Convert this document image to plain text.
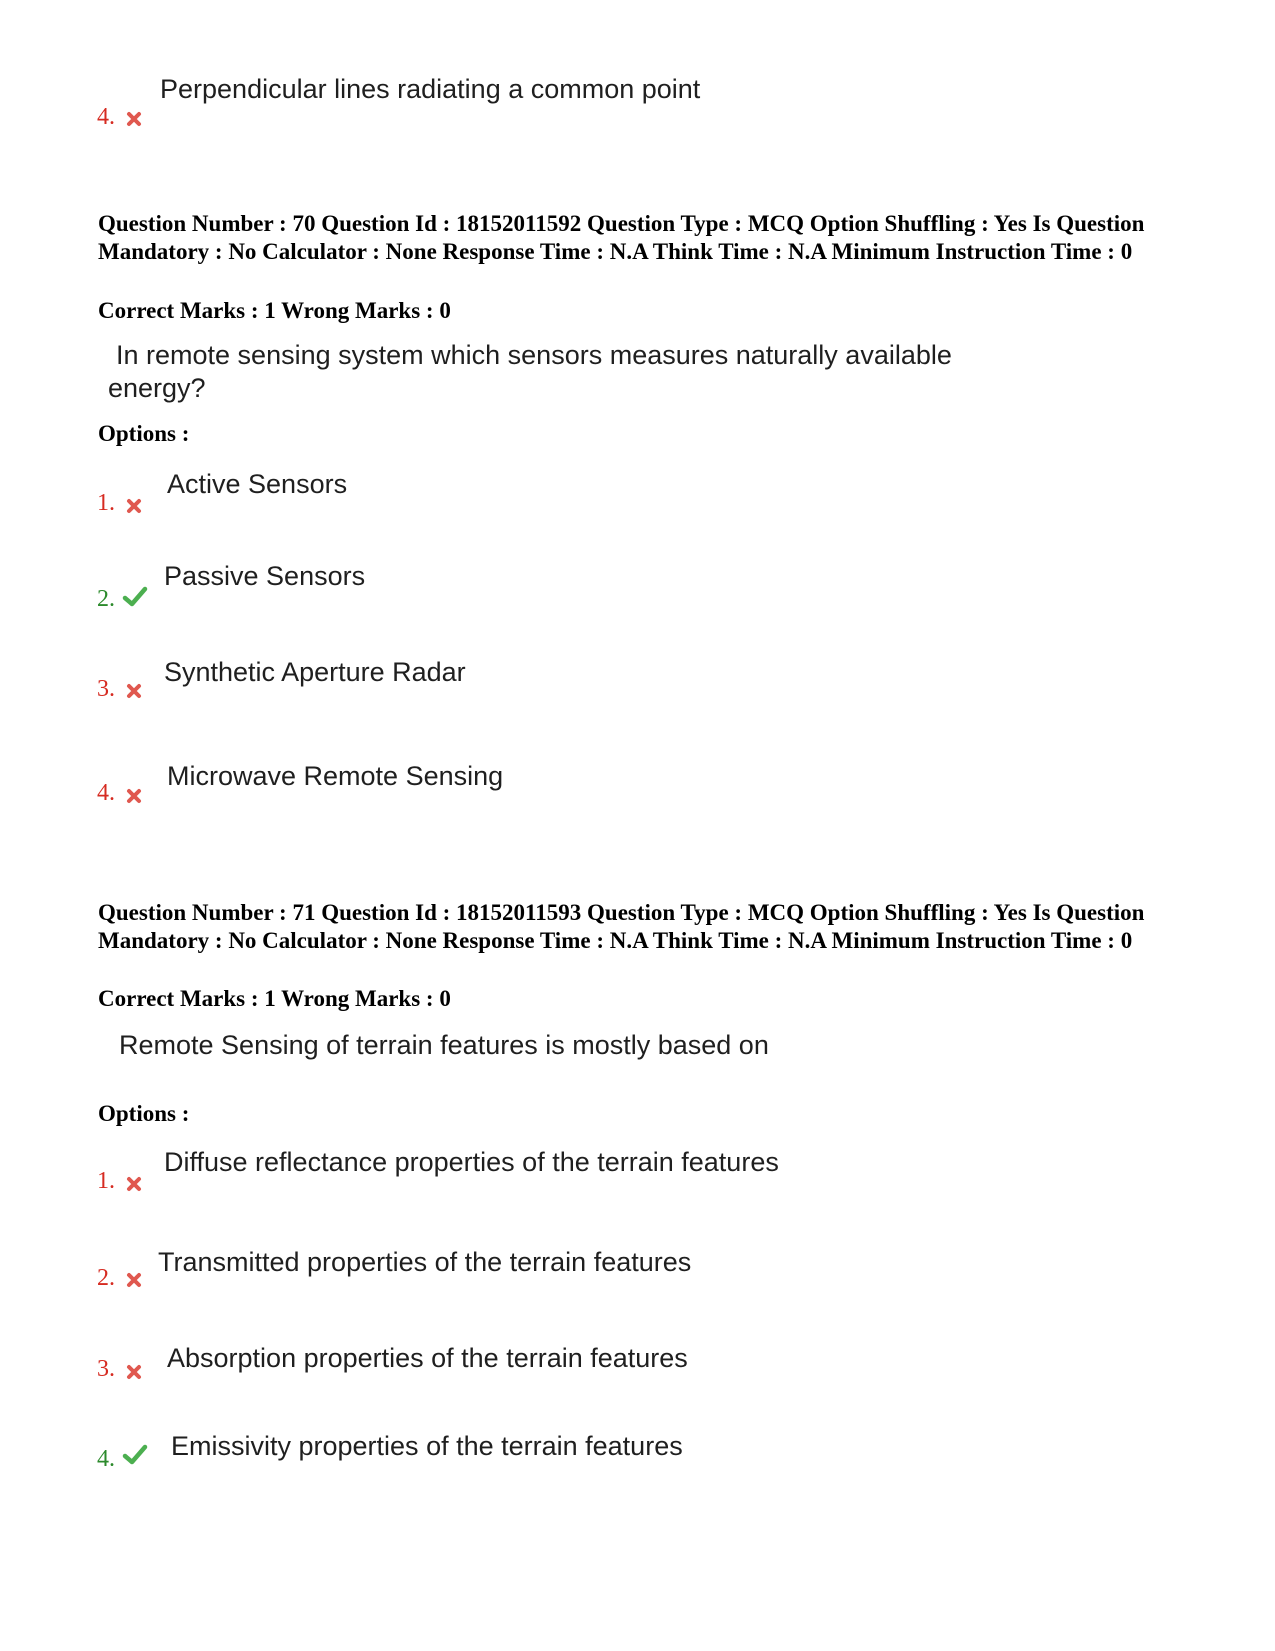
Perpendicular lines radiating a common point
4.
Question Number : 70 Question Id : 18152011592 Question Type : MCQ Option Shuffling : Yes Is Question Mandatory : No Calculator : None Response Time : N.A Think Time : N.A Minimum Instruction Time : 0
Correct Marks : 1 Wrong Marks : 0
In remote sensing system which sensors measures naturally available
energy?
Options :
Active Sensors
1.
Passive Sensors
2.
Synthetic Aperture Radar
3.
Microwave Remote Sensing
4.
Question Number : 71 Question Id : 18152011593 Question Type : MCQ Option Shuffling : Yes Is Question Mandatory : No Calculator : None Response Time : N.A Think Time : N.A Minimum Instruction Time : 0
Correct Marks : 1 Wrong Marks : 0
Remote Sensing of terrain features is mostly based on
Options :
Diffuse reflectance properties of the terrain features
1.
Transmitted properties of the terrain features
2.
Absorption properties of the terrain features
3.
Emissivity properties of the terrain features
4.
